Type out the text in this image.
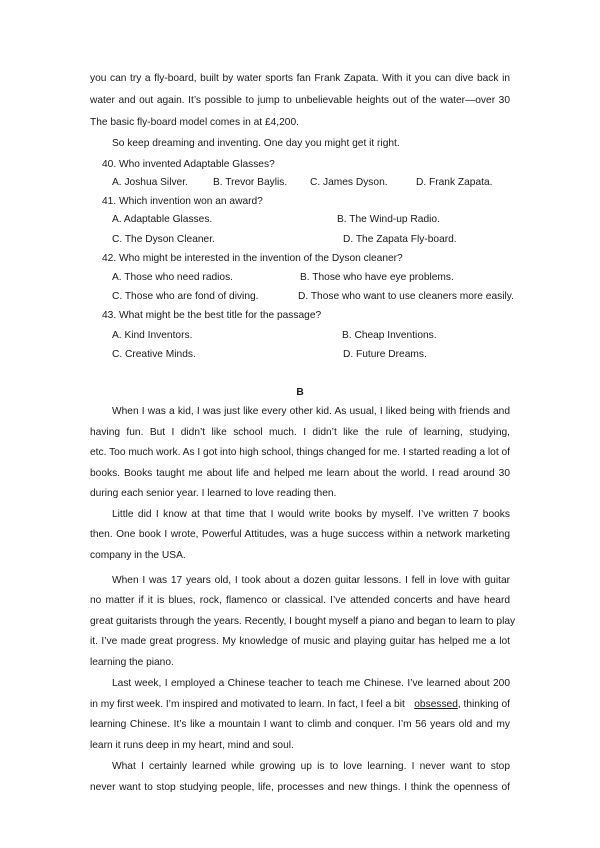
you can try a fly-board, built by water sports fan Frank Zapata. With it you can dive back in
water and out again. It’s possible to jump to unbelievable heights out of the water—over 30
The basic fly-board model comes in at £4,200.
So keep dreaming and inventing. One day you might get it right.
40. Who invented Adaptable Glasses?
A. Joshua Silver. B. Trevor Baylis. C. James Dyson.	D. Frank Zapata.
41. Which invention won an award?
A. Adaptable Glasses.	B. The Wind-up Radio.
C. The Dyson Cleaner.	D. The Zapata Fly-board.
42. Who might be interested in the invention of the Dyson cleaner?
A. Those who need radios.	B. Those who have eye problems.
C. Those who are fond of diving.	D. Those who want to use cleaners more easily.
43. What might be the best title for the passage?
A. Kind Inventors.	B. Cheap Inventions.
C. Creative Minds.	D. Future Dreams.
B
When I was a kid, I was just like every other kid. As usual, I liked being with friends and
having fun. But I didn’t like school much. I didn’t like the rule of learning, studying,
etc. Too much work. As I got into high school, things changed for me. I started reading a lot of
books. Books taught me about life and helped me learn about the world. I read around 30
during each senior year. I learned to love reading then.
Little did I know at that time that I would write books by myself. I’ve written 7 books
then. One book I wrote, Powerful Attitudes, was a huge success within a network marketing
company in the USA.
When I was 17 years old, I took about a dozen guitar lessons. I fell in love with guitar
no matter if it is blues, rock, flamenco or classical. I’ve attended concerts and have heard
great guitarists through the years. Recently, I bought myself a piano and began to learn to play
it. I’ve made great progress. My knowledge of music and playing guitar has helped me a lot
learning the piano.
Last week, I employed a Chinese teacher to teach me Chinese. I’ve learned about 200
in my first week. I’m inspired and motivated to learn. In fact, I feel a bit obsessed, thinking of
learning Chinese. It’s like a mountain I want to climb and conquer. I’m 56 years old and my
learn it runs deep in my heart, mind and soul.
What I certainly learned while growing up is to love learning. I never want to stop
never want to stop studying people, life, processes and new things. I think the openness of
